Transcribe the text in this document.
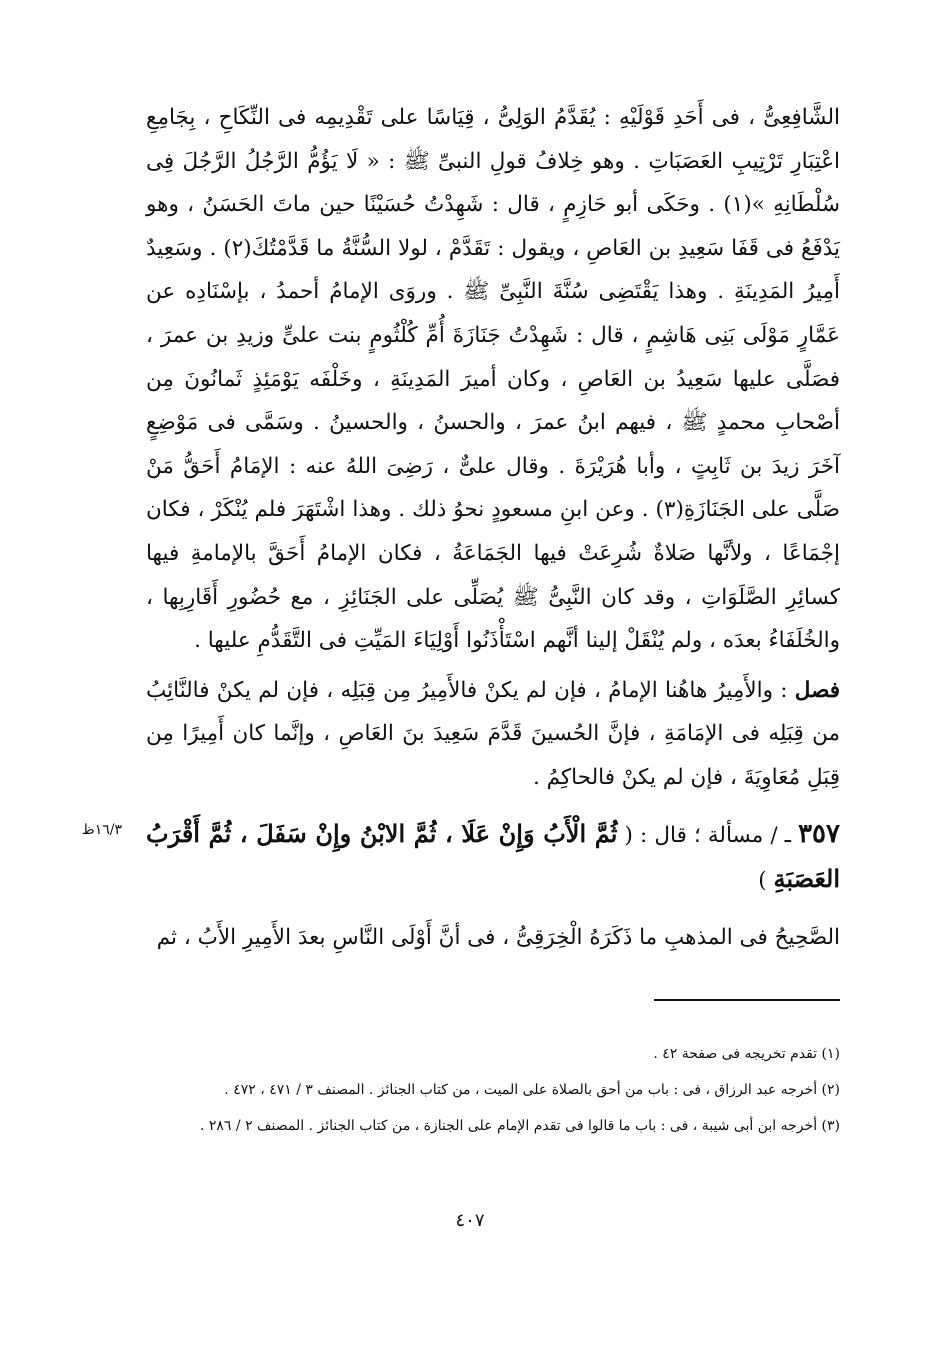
الشَّافِعِىُّ ، فى أَحَدِ قَوْلَيْهِ : يُقَدَّمُ الوَلِىُّ ، قِيَاسًا على تَقْدِيمِه فى النِّكَاحِ ، بِجَامِعِ اعْتِبَارِ تَرْتِيبِ العَصَبَاتِ . وهو خِلافُ قولِ النبىِّ ﷺ : « لَا يَؤُمُّ الرَّجُلُ الرَّجُلَ فِى سُلْطَانِهِ »(١) . وحَكَى أبو حَازِمٍ ، قال : شَهِدْتُ حُسَيْنًا حين ماتَ الحَسَنُ ، وهو يَدْفَعُ فى قَفَا سَعِيدِ بن العَاصِ ، ويقول : تَقَدَّمْ ، لولا السُّنَّةُ ما قَدَّمْتُكَ(٢) . وسَعِيدٌ أَمِيرُ المَدِينَةِ . وهذا يَقْتَضِى سُنَّةَ النَّبِىِّ ﷺ . وروَى الإمامُ أحمدُ ، بإسْنَادِه عن عَمَّارٍ مَوْلَى بَنِى هَاشِمٍ ، قال : شَهِدْتُ جَنَازَةَ أُمِّ كُلْثُومٍ بنت علىٍّ وزيدِ بن عمرَ ، فصَلَّى عليها سَعِيدُ بن العَاصِ ، وكان أميرَ المَدِينَةِ ، وخَلْفَه يَوْمَئِذٍ ثَمانُونَ مِن أصْحابِ محمدٍ ﷺ ، فيهم ابنُ عمرَ ، والحسنُ ، والحسينُ . وسَمَّى فى مَوْضِعٍ آخَرَ زيدَ بن ثَابِتٍ ، وأبا هُرَيْرَةَ . وقال علىٌّ ، رَضِىَ اللهُ عنه : الإمَامُ أَحَقُّ مَنْ صَلَّى على الجَنَازَةِ(٣) . وعن ابنِ مسعودٍ نحوُ ذلك . وهذا اشْتَهَرَ فلم يُنْكَرْ ، فكان إجْمَاعًا ، ولأنَّها صَلاةٌ شُرِعَتْ فيها الجَمَاعَةُ ، فكان الإمامُ أَحَقَّ بالإمامةِ فيها كسائِرِ الصَّلَوَاتِ ، وقد كان النَّبِىُّ ﷺ يُصَلِّى على الجَنَائِزِ ، مع حُضُورِ أَقَارِبِها ، والخُلَفَاءُ بعدَه ، ولم يُنْقَلْ إلينا أنَّهم اسْتَأْذَنُوا أَوْلِيَاءَ المَيِّتِ فى التَّقَدُّمِ عليها .

فصل : والأَمِيرُ هاهُنا الإمامُ ، فإن لم يكنْ فالأَمِيرُ مِن قِبَلِه ، فإن لم يكنْ فالنَّائِبُ من قِبَلِه فى الإمَامَةِ ، فإنَّ الحُسينَ قَدَّمَ سَعِيدَ بنَ العَاصِ ، وإنَّما كان أَمِيرًا مِن قِبَلِ مُعَاوِيَةَ ، فإن لم يكنْ فالحاكِمُ .

١٦/٣ظ	٣٥٧ ـ / مسألة ؛ قال : ( ثُمَّ الْأَبُ وَإِنْ عَلَا ، ثُمَّ الابْنُ وإِنْ سَفَلَ ، ثُمَّ أَقْرَبُ العَصَبَةِ )
الصَّحِيحُ فى المذهبِ ما ذَكَرَهُ الْخِرَقِىُّ ، فى أنَّ أَوْلَى النَّاسِ بعدَ الأَمِيرِ الأَبُ ، ثم

(١) تقدم تخريجه فى صفحة ٤٢ .

(٢) أخرجه عبد الرزاق ، فى : باب من أحق بالصلاة على الميت ، من كتاب الجنائز . المصنف ٣ / ٤٧١ ، ٤٧٢ .

(٣) أخرجه ابن أبى شيبة ، فى : باب ما قالوا فى تقدم الإمام على الجنازة ، من كتاب الجنائز . المصنف ٢ / ٢٨٦ .

٤٠٧
